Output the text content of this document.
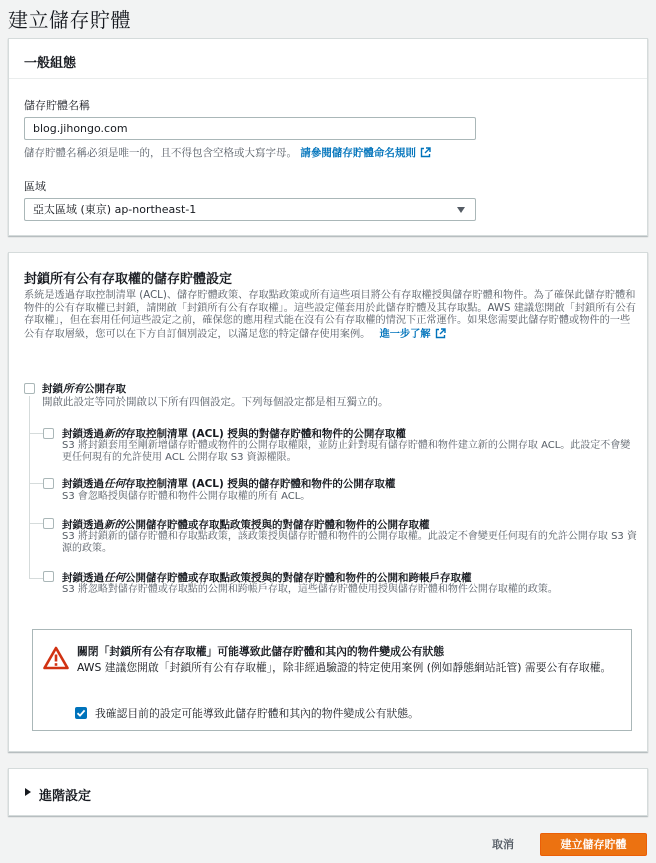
建立儲存貯體
一般組態
儲存貯體名稱
blog.jihongo.com
儲存貯體名稱必須是唯一的，且不得包含空格或大寫字母。 請參閱儲存貯體命名規則
區域
亞太區域 (東京) ap-northeast-1
封鎖所有公有存取權的儲存貯體設定
系統是透過存取控制清單 (ACL)、儲存貯體政策、存取點政策或所有這些項目將公有存取權授與儲存貯體和物件。為了確保此儲存貯體和物件的公有存取權已封鎖，請開啟「封鎖所有公有存取權」。這些設定僅套用於此儲存貯體及其存取點。AWS 建議您開啟「封鎖所有公有存取權」，但在套用任何這些設定之前，確保您的應用程式能在沒有公有存取權的情況下正常運作。如果您需要此儲存貯體或物件的一些公有存取層級，您可以在下方自訂個別設定，以滿足您的特定儲存使用案例。 進一步了解
封鎖所有公開存取
開啟此設定等同於開啟以下所有四個設定。下列每個設定都是相互獨立的。
封鎖透過新的存取控制清單 (ACL) 授與的對儲存貯體和物件的公開存取權
S3 將封鎖套用至剛新增儲存貯體或物件的公開存取權限，並防止針對現有儲存貯體和物件建立新的公開存取 ACL。此設定不會變更任何現有的允許使用 ACL 公開存取 S3 資源權限。
封鎖透過任何存取控制清單 (ACL) 授與的儲存貯體和物件的公開存取權
S3 會忽略授與儲存貯體和物件公開存取權的所有 ACL。
封鎖透過新的公開儲存貯體或存取點政策授與的對儲存貯體和物件的公開存取權
S3 將封鎖新的儲存貯體和存取點政策，該政策授與儲存貯體和物件的公開存取權。此設定不會變更任何現有的允許公開存取 S3 資源的政策。
封鎖透過任何公開儲存貯體或存取點政策授與的對儲存貯體和物件的公開和跨帳戶存取權
S3 將忽略對儲存貯體或存取點的公開和跨帳戶存取，這些儲存貯體使用授與儲存貯體和物件公開存取權的政策。
關閉「封鎖所有公有存取權」可能導致此儲存貯體和其內的物件變成公有狀態
AWS 建議您開啟「封鎖所有公有存取權」，除非經過驗證的特定使用案例 (例如靜態網站託管) 需要公有存取權。
我確認目前的設定可能導致此儲存貯體和其內的物件變成公有狀態。
進階設定
取消	建立儲存貯體
